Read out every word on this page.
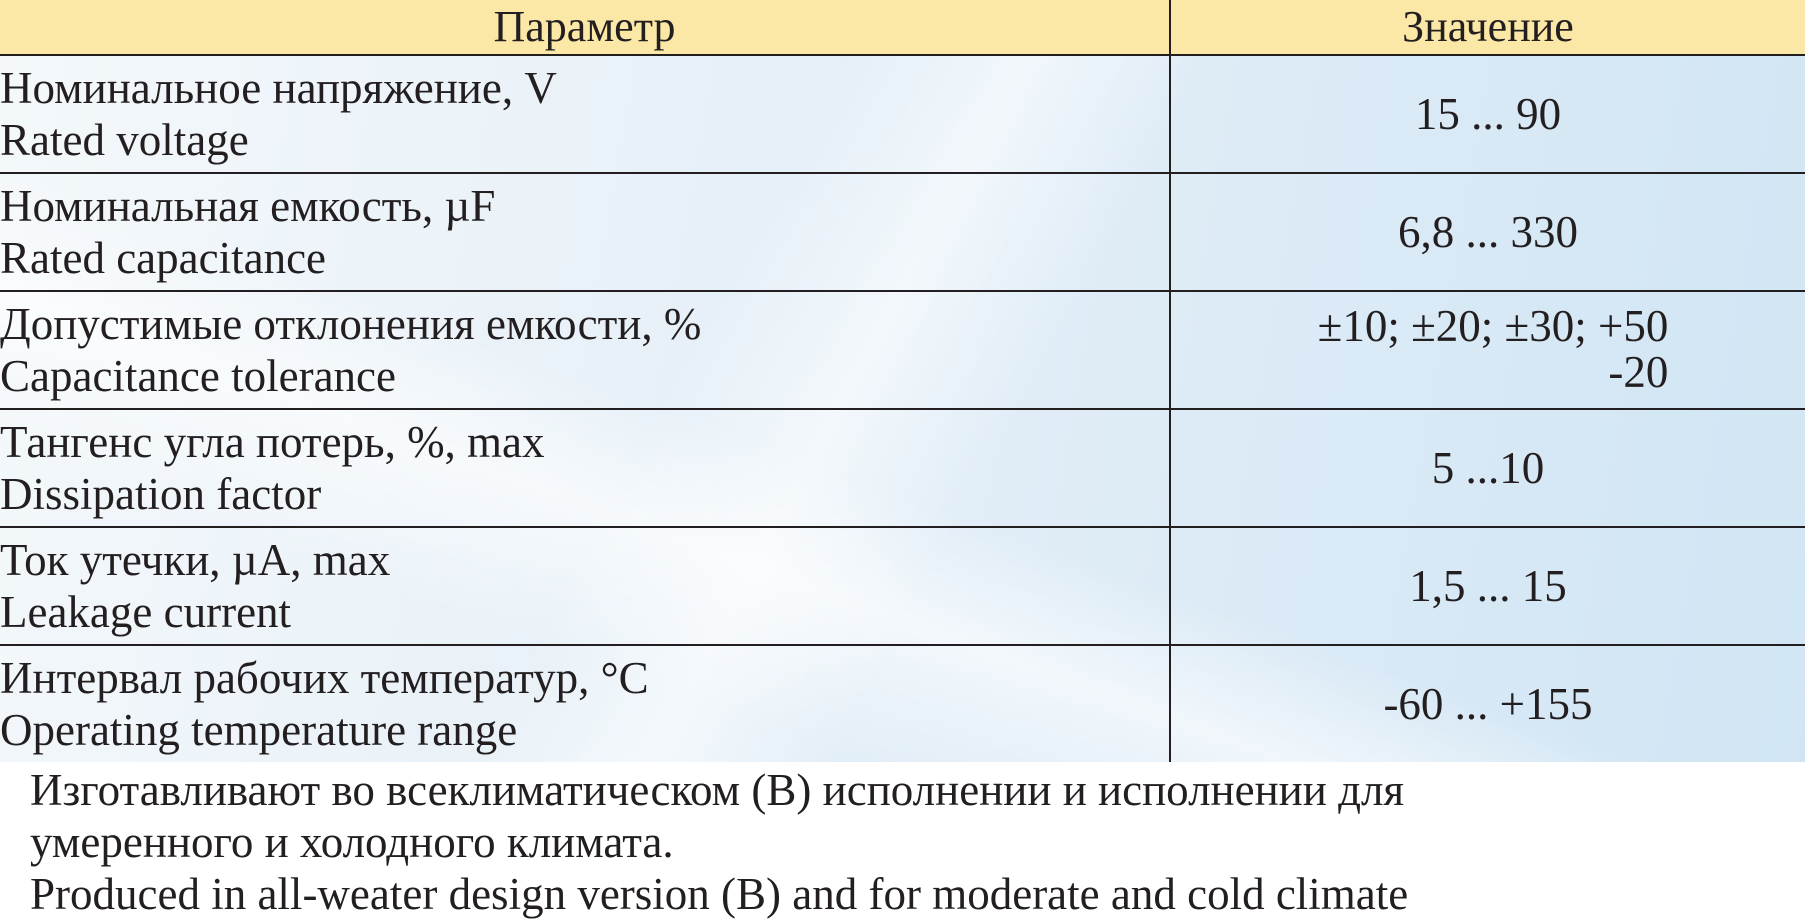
Параметр	Значение

Номинальное напряжение, V
Rated voltage	15 ... 90

Номинальная емкость, µF
Rated capacitance	6,8 ... 330

Допустимые отклонения емкости, %
Capacitance tolerance	±10; ±20; ±30; +50
-20

Тангенс угла потерь, %, max
Dissipation factor	5 ...10

Ток утечки, µA, max
Leakage current	1,5 ... 15

Интервал рабочих температур, °C
Operating temperature range	-60 ... +155
Изготавливают во всеклиматическом (B) исполнении и исполнении для
умеренного и холодного климата.
Produced in all-weater design version (B) and for moderate and cold climate
